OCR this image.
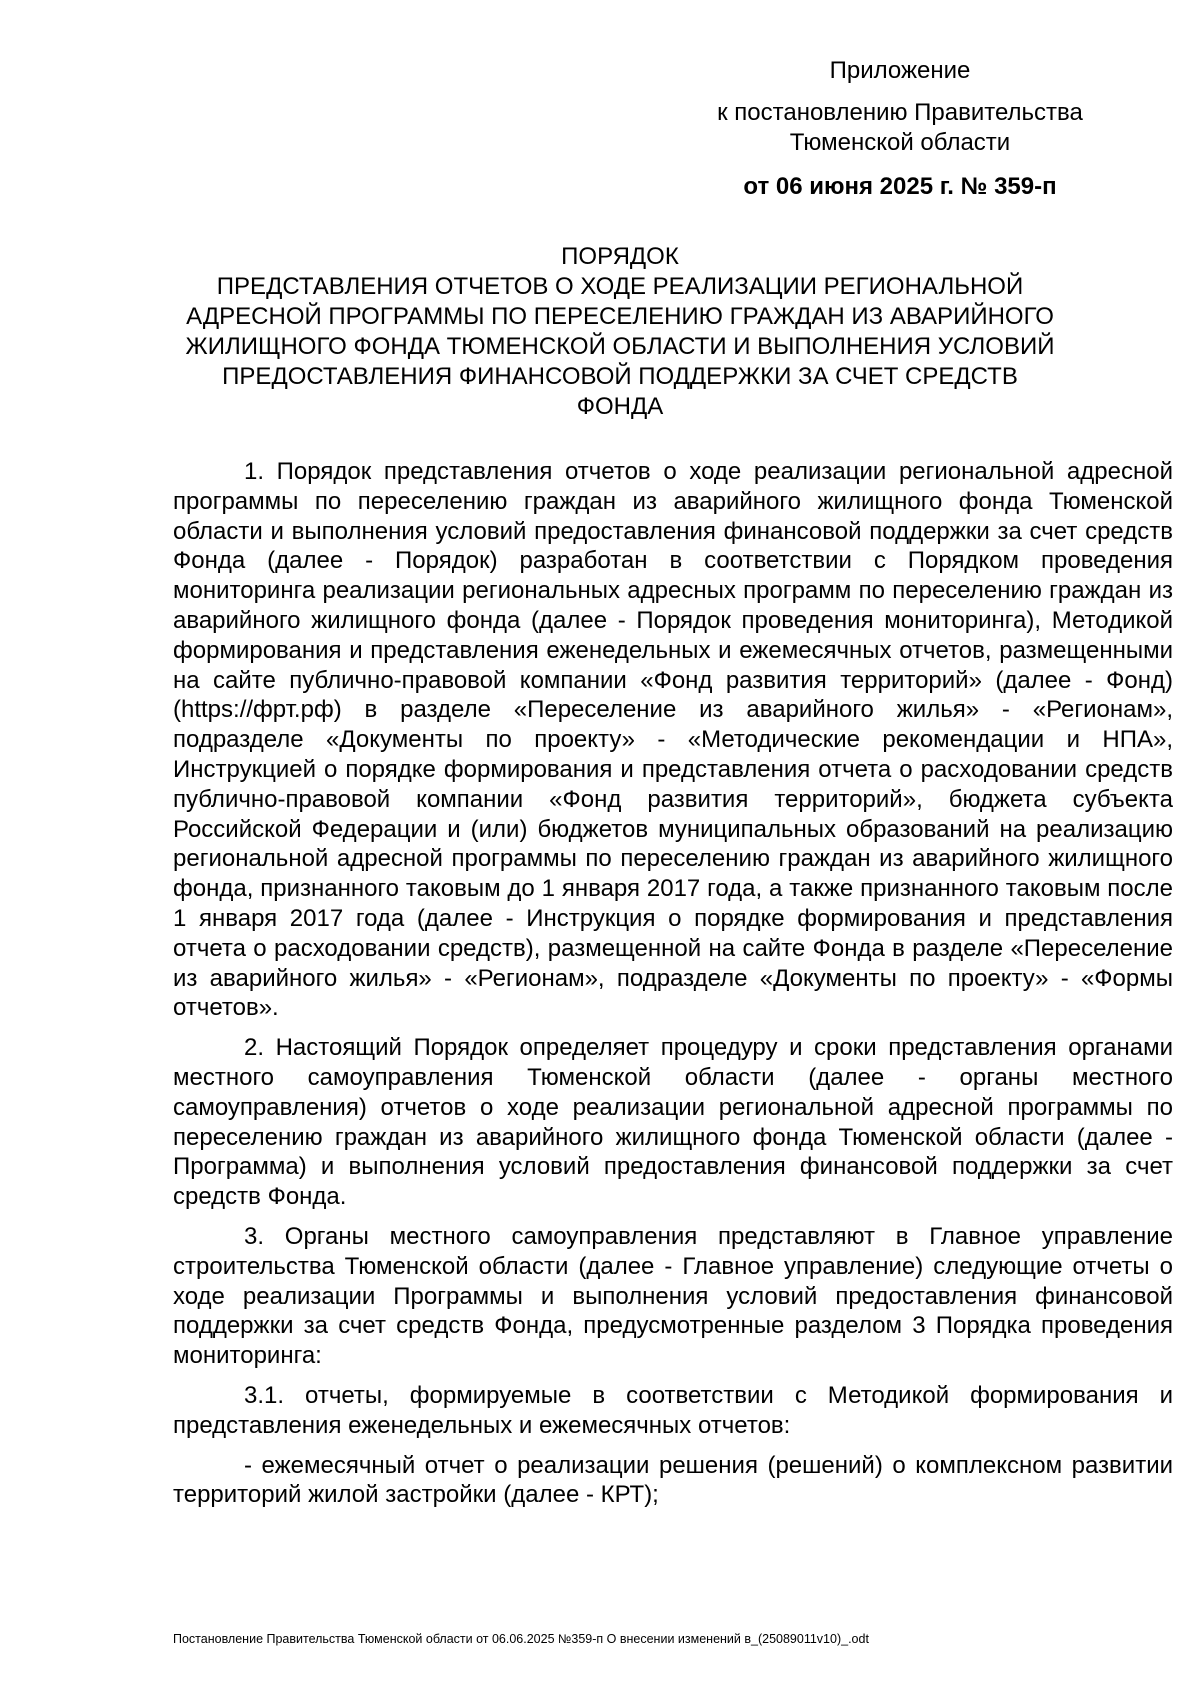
Приложение
к постановлению Правительства
Тюменской области
от 06 июня 2025 г. № 359-п
ПОРЯДОК
ПРЕДСТАВЛЕНИЯ ОТЧЕТОВ О ХОДЕ РЕАЛИЗАЦИИ РЕГИОНАЛЬНОЙ
АДРЕСНОЙ ПРОГРАММЫ ПО ПЕРЕСЕЛЕНИЮ ГРАЖДАН ИЗ АВАРИЙНОГО
ЖИЛИЩНОГО ФОНДА ТЮМЕНСКОЙ ОБЛАСТИ И ВЫПОЛНЕНИЯ УСЛОВИЙ
ПРЕДОСТАВЛЕНИЯ ФИНАНСОВОЙ ПОДДЕРЖКИ ЗА СЧЕТ СРЕДСТВ
ФОНДА

1. Порядок представления отчетов о ходе реализации региональной адресной программы по переселению граждан из аварийного жилищного фонда Тюменской области и выполнения условий предоставления финансовой поддержки за счет средств Фонда (далее - Порядок) разработан в соответствии с Порядком проведения мониторинга реализации региональных адресных программ по переселению граждан из аварийного жилищного фонда (далее - Порядок проведения мониторинга), Методикой формирования и представления еженедельных и ежемесячных отчетов, размещенными на сайте публично-правовой компании «Фонд развития территорий» (далее - Фонд) (https://фрт.рф) в разделе «Переселение из аварийного жилья» - «Регионам», подразделе «Документы по проекту» - «Методические рекомендации и НПА», Инструкцией о порядке формирования и представления отчета о расходовании средств публично-правовой компании «Фонд развития территорий», бюджета субъекта Российской Федерации и (или) бюджетов муниципальных образований на реализацию региональной адресной программы по переселению граждан из аварийного жилищного фонда, признанного таковым до 1 января 2017 года, а также признанного таковым после 1 января 2017 года (далее - Инструкция о порядке формирования и представления отчета о расходовании средств), размещенной на сайте Фонда в разделе «Переселение из аварийного жилья» - «Регионам», подразделе «Документы по проекту» - «Формы отчетов».

2. Настоящий Порядок определяет процедуру и сроки представления органами местного самоуправления Тюменской области (далее - органы местного самоуправления) отчетов о ходе реализации региональной адресной программы по переселению граждан из аварийного жилищного фонда Тюменской области (далее - Программа) и выполнения условий предоставления финансовой поддержки за счет средств Фонда.

3. Органы местного самоуправления представляют в Главное управление строительства Тюменской области (далее - Главное управление) следующие отчеты о ходе реализации Программы и выполнения условий предоставления финансовой поддержки за счет средств Фонда, предусмотренные разделом 3 Порядка проведения мониторинга:

3.1. отчеты, формируемые в соответствии с Методикой формирования и представления еженедельных и ежемесячных отчетов:

- ежемесячный отчет о реализации решения (решений) о комплексном развитии территорий жилой застройки (далее - КРТ);

Постановление Правительства Тюменской области от 06.06.2025 №359-п О внесении изменений в_(25089011v10)_.odt
